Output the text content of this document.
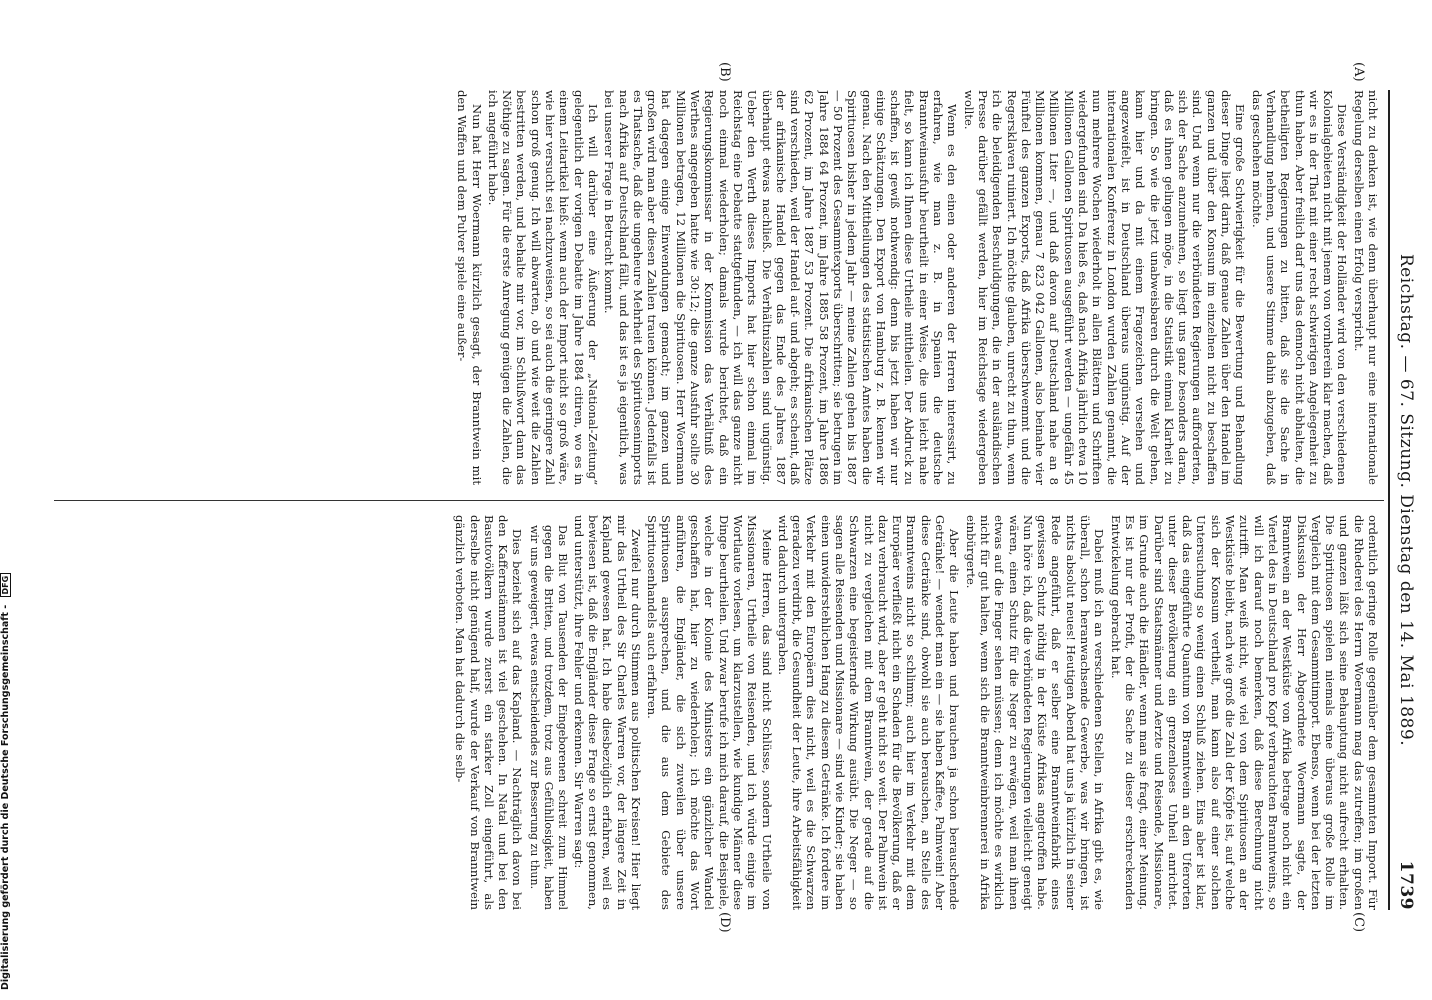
Reichstag. — 67. Sitzung. Dienstag den 14. Mai 1889.
1739
(A)
(B)
(C)
(D)

nicht zu denken ist, wie denn überhaupt nur eine internationale Regelung derselben einen Erfolg verspricht.

Diese Verständigkeit der Holländer wird von den verschiedenen Kolonialgebieten nicht mit jenem von vornherein klar machen, daß wir es in der That mit einer recht schwierigen Angelegenheit zu thun haben. Aber freilich darf uns das dennoch nicht abhalten, die betheiligten Regierungen zu bitten, daß sie die Sache in Verhandlung nehmen, und unsere Stimme dahin abzugeben, daß das geschehen möchte.

Eine große Schwierigkeit für die Bewertung und Behandlung dieser Dinge liegt darin, daß genaue Zahlen über den Handel im ganzen und über den Konsum im einzelnen nicht zu beschaffen sind. Und wenn nur die verbündeten Regierungen aufforderten, sich der Sache anzunehmen, so liegt uns ganz besonders daran, daß es ihnen gelingen möge, in die Statistik einmal Klarheit zu bringen. So wie die jetzt unabweisbaren durch die Welt gehen, kann hier und da mit einem Fragezeichen versehen und angezweifelt, ist in Deutschland überaus ungünstig. Auf der internationalen Konferenz in London wurden Zahlen genannt, die nun mehrere Wochen wiederholt in allen Blättern und Schriften wiedergefunden sind. Da hieß es, daß nach Afrika jährlich etwa 10 Millionen Gallonen Spirituosen ausgeführt werden — ungefähr 45 Millionen Liter —, und daß davon auf Deutschland nahe an 8 Millionen kommen, genau 7 823 042 Gallonen, also beinahe vier Fünftel des ganzen Exports, daß Afrika überschwemmt und die Regersklaven ruiniert. Ich möchte glauben, unrecht zu thun, wenn ich die beleidigenden Beschuldigungen, die in der ausländischen Presse darüber gefällt werden, hier im Reichstage wiedergeben wollte.

Wenn es den einen oder anderen der Herren interessirt, zu erfahren, wie man z. B. in Spanien die deutsche Branntweinausfuhr beurtheilt in einer Weise, die uns leicht nahe fielt, so kann ich Ihnen diese Urtheile mittheilen. Der Abdruck zu schaffen, ist gewiß nothwendig: denn bis jetzt haben wir nur einige Schätzungen. Den Export von Hamburg z. B. kennen wir genau. Nach den Mittheilungen des statistischen Amtes haben die Spirituosen bisher in jedem Jahr — meine Zahlen gehen bis 1887 — 50 Prozent des Gesammtexports überschritten; sie betrugen im Jahre 1884 64 Prozent, im Jahre 1885 58 Prozent, im Jahre 1886 62 Prozent, im Jahre 1887 53 Prozent. Die afrikanischen Plätze sind verschieden, weil der Handel auf- und abgeht; es scheint, daß der afrikanische Handel gegen das Ende des Jahres 1887 überhaupt etwas nachließ. Die Verhältniszahlen sind ungünstig. Ueber den Werth dieses Imports hat hier schon einmal im Reichstag eine Debatte stattgefunden, — ich will das ganze nicht noch einmal wiederholen; damals wurde berichtet, daß ein Regierungskommissar in der Kommission das Verhältniß des Werthes angegeben hatte wie 30:12; die ganze Ausfuhr sollte 30 Millionen betragen, 12 Millionen die Spirituosen. Herr Woermann hat dagegen einige Einwendungen gemacht; im ganzen und großen wird man aber diesen Zahlen trauen können. Jedenfalls ist es Thatsache, daß die ungeheure Mehrheit des Spirituosenimports nach Afrika auf Deutschland fällt, und das ist es ja eigentlich, was bei unserer Frage in Betracht kommt.

Ich will darüber eine Äußerung der „National-Zeitung“ gelegentlich der vorigen Debatte im Jahre 1884 citiren, wo es in einem Leitartikel hieß: wenn auch der Import nicht so groß wäre, wie hier versucht sei nachzuweisen, so sei auch die geringere Zahl schon groß genug. Ich will abwarten, ob und wie weit die Zahlen bestritten werden, und behalte mir vor, im Schlußwort dann das Nöthige zu sagen. Für die erste Anregung genügen die Zahlen, die ich angeführt habe.

Nun hat Herr Woermann kürzlich gesagt, der Branntwein mit den Waffen und dem Pulver spiele eine außer-

ordentlich geringe Rolle gegenüber dem gesammten Import. Für die Rhederei des Herrn Woermann mag das zutreffen; im großen und ganzen läßt sich seine Behauptung nicht aufrecht erhalten. Die Spirituosen spielen niemals eine überaus große Rolle im Vergleich mit dem Gesammtimport. Ebenso, wenn bei der letzten Diskussion der Herr Abgeordnete Woermann sagte, der Branntwein an der Westküste von Afrika betrage noch nicht ein Viertel des in Deutschland pro Kopf verbrauchten Branntweins, so will ich darauf noch bemerken, daß diese Berechnung nicht zutrifft. Man weiß nicht, wie viel von dem Spirituosen an der Westküste bleibt, nach wie groß die Zahl der Köpfe ist, auf welche sich der Konsum vertheilt, man kann also auf einer solchen Untersuchung so wenig einen Schluß ziehen. Eins aber ist klar, daß das eingeführte Quantum von Branntwein an den Uferorten unter dieser Bevölkerung ein grenzenloses Unheil anrichtet. Darüber sind Staatsmänner und Aerzte und Reisende, Missionare, im Grunde auch die Händler, wenn man sie fragt, einer Meinung. Es ist nur der Profit, der die Sache zu dieser erschreckenden Entwickelung gebracht hat.

Dabei muß ich an verschiedenen Stellen, in Afrika gibt es, wie überall, schon heranwachsende Gewerbe, was wir bringen, ist nichts absolut neues! Heutigen Abend hat uns ja kürzlich in seiner Rede angeführt, daß er selber eine Branntweinfabrik eines gewissen Schutz nöthig in der Küste Afrikas angetroffen habe. Nun höre ich, daß die verbündeten Regierungen vielleicht geneigt wären, einen Schutz für die Neger zu erwägen, weil man ihnen etwas auf die Finger sehen müssen; denn ich möchte es wirklich nicht für gut halten, wenn sich die Branntweinbrennerei in Afrika einbürgerte.

Aber die Leute haben und brauchen ja schon berauschende Getränke! — wendet man ein — sie haben Kaffee, Palmwein! Aber diese Getränke sind, obwohl sie auch berauschen, an Stelle des Branntweins nicht so schlimm; auch hier im Verkehr mit dem Europäer verfließt nicht ein Schaden für die Bevölkerung, daß er dazu verbraucht wird, aber er geht nicht so weit. Der Palmwein ist nicht zu vergleichen mit dem Branntwein, der gerade auf die Schwarzen eine begeisternde Wirkung ausübt. Die Neger — so sagen alle Reisenden und Missionare — sind wie Kinder; sie haben einen unwiderstehlichen Hang zu diesem Getränke. Ich fordere im Verkehr mit den Europäern dies nicht, weil es die Schwarzen geradezu verdirbt, die Gesundheit der Leute, ihre Arbeitsfähigkeit wird dadurch untergraben.

Meine Herren, das sind nicht Schlüsse, sondern Urtheile von Missionaren, Urtheile von Reisenden, und ich würde einige im Wortlaute vorlesen, um klarzustellen, wie kundige Männer diese Dinge beurtheilen. Und zwar berufe ich mich darauf, die Beispiele, welche in der Kolonie des Ministers ein gänzlicher Wandel geschaffen hat, hier zu wiederholen; ich möchte das Wort anführen, die Engländer, die sich zuweilen über unsere Spirituosen aussprechen, und die aus dem Gebiete des Spirituosenhandels auch erfahren.

Zweifel nur durch Stimmen aus politischen Kreisen! Hier liegt mir das Urtheil des Sir Charles Warren vor, der längere Zeit in Kapland gewesen hat. Ich habe diesbezüglich erfahren, weil es bewiesen ist, daß die Engländer diese Frage so ernst genommen, und unterstützt, ihre Fehler und erkennen. Sir Warren sagt:

Das Blut von Tausenden der Eingeborenen schreit zum Himmel gegen die Britten, und trotzdem, trotz aus Gefühllosigkeit, haben wir uns geweigert, etwas entscheidendes zur Besserung zu thun.

Dies bezieht sich auf das Kapland. — Nachträglich davon bei den Kaffernstämmen ist viel geschehen. In Natal und bei den Basutovölkern wurde zuerst ein starker Zoll eingeführt, als derselbe nicht genügend half, wurde der Verkauf von Branntwein gänzlich verboten. Man hat dadurch die selb-

Digitalisierung gefördert durch die Deutsche Forschungsgemeinschaft - DFG
